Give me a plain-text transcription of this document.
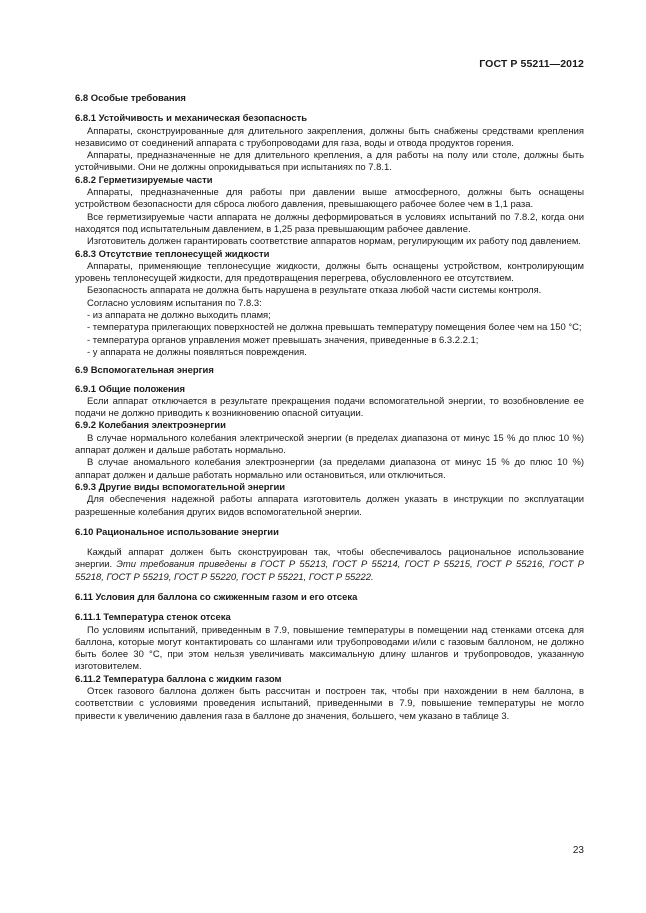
ГОСТ Р 55211—2012

6.8 Особые требования

6.8.1 Устойчивость и механическая безопасность

Аппараты, сконструированные для длительного закрепления, должны быть снабжены средствами крепления независимо от соединений аппарата с трубопроводами для газа, воды и отвода продуктов горения.

Аппараты, предназначенные не для длительного крепления, а для работы на полу или столе, должны быть устойчивыми. Они не должны опрокидываться при испытаниях по 7.8.1.

6.8.2 Герметизируемые части

Аппараты, предназначенные для работы при давлении выше атмосферного, должны быть оснащены устройством безопасности для сброса любого давления, превышающего рабочее более чем в 1,1 раза.

Все герметизируемые части аппарата не должны деформироваться в условиях испытаний по 7.8.2, когда они находятся под испытательным давлением, в 1,25 раза превышающим рабочее давление.

Изготовитель должен гарантировать соответствие аппаратов нормам, регулирующим их работу под давлением.

6.8.3 Отсутствие теплонесущей жидкости

Аппараты, применяющие теплонесущие жидкости, должны быть оснащены устройством, контролирующим уровень теплонесущей жидкости, для предотвращения перегрева, обусловленного ее отсутствием.

Безопасность аппарата не должна быть нарушена в результате отказа любой части системы контроля.

Согласно условиям испытания по 7.8.3:

- из аппарата не должно выходить пламя;

- температура прилегающих поверхностей не должна превышать температуру помещения более чем на 150 °С;

- температура органов управления может превышать значения, приведенные в 6.3.2.2.1;

- у аппарата не должны появляться повреждения.

6.9 Вспомогательная энергия

6.9.1 Общие положения

Если аппарат отключается в результате прекращения подачи вспомогательной энергии, то возобновление ее подачи не должно приводить к возникновению опасной ситуации.

6.9.2 Колебания электроэнергии

В случае нормального колебания электрической энергии (в пределах диапазона от минус 15 % до плюс 10 %) аппарат должен и дальше работать нормально.

В случае аномального колебания электроэнергии (за пределами диапазона от минус 15 % до плюс 10 %) аппарат должен и дальше работать нормально или остановиться, или отключиться.

6.9.3 Другие виды вспомогательной энергии

Для обеспечения надежной работы аппарата изготовитель должен указать в инструкции по эксплуатации разрешенные колебания других видов вспомогательной энергии.

6.10 Рациональное использование энергии

Каждый аппарат должен быть сконструирован так, чтобы обеспечивалось рациональное использование энергии. Эти требования приведены в ГОСТ Р 55213, ГОСТ Р 55214, ГОСТ Р 55215, ГОСТ Р 55216, ГОСТ Р 55218, ГОСТ Р 55219, ГОСТ Р 55220, ГОСТ Р 55221, ГОСТ Р 55222.

6.11 Условия для баллона со сжиженным газом и его отсека

6.11.1 Температура стенок отсека

По условиям испытаний, приведенным в 7.9, повышение температуры в помещении над стенками отсека для баллона, которые могут контактировать со шлангами или трубопроводами и/или с газовым баллоном, не должно быть более 30 °С, при этом нельзя увеличивать максимальную длину шлангов и трубопроводов, указанную изготовителем.

6.11.2 Температура баллона с жидким газом

Отсек газового баллона должен быть рассчитан и построен так, чтобы при нахождении в нем баллона, в соответствии с условиями проведения испытаний, приведенными в 7.9, повышение температуры не могло привести к увеличению давления газа в баллоне до значения, большего, чем указано в таблице 3.

23
